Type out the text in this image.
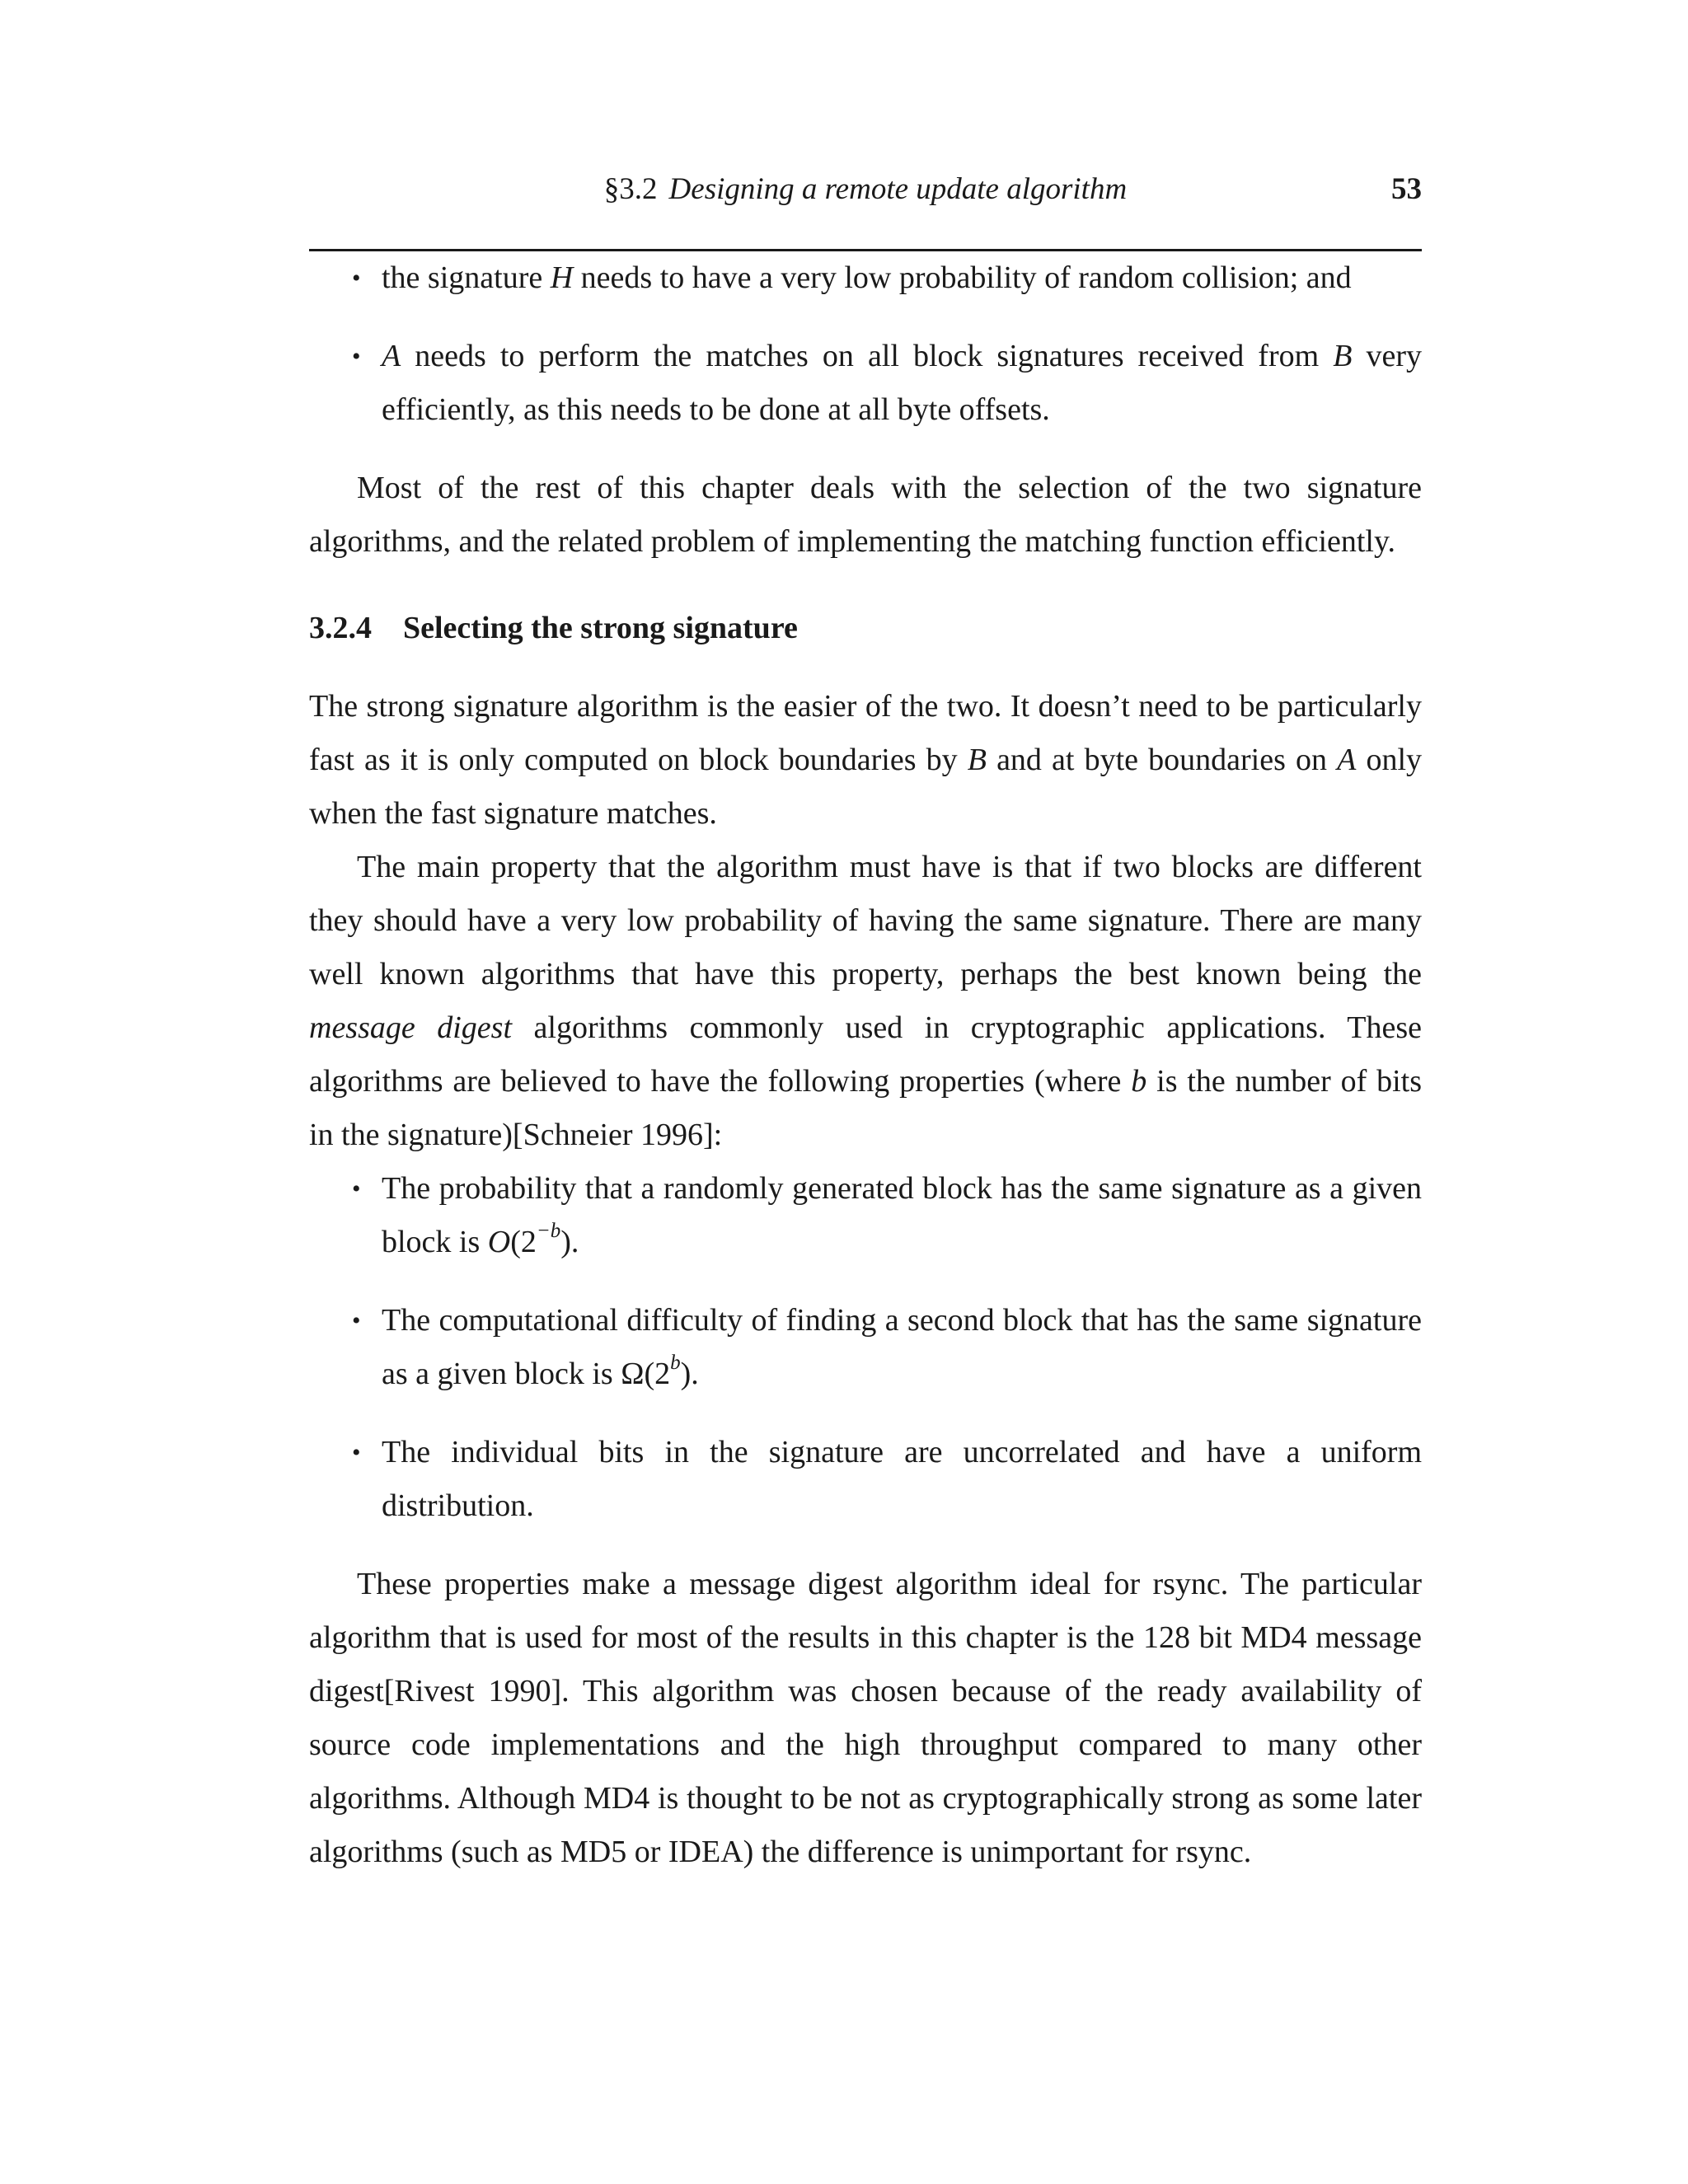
§3.2 Designing a remote update algorithm	53
• the signature H needs to have a very low probability of random collision; and
• A needs to perform the matches on all block signatures received from B very efficiently, as this needs to be done at all byte offsets.

Most of the rest of this chapter deals with the selection of the two signature algorithms, and the related problem of implementing the matching function efficiently.

3.2.4 Selecting the strong signature

The strong signature algorithm is the easier of the two. It doesn’t need to be particularly fast as it is only computed on block boundaries by B and at byte boundaries on A only when the fast signature matches.

The main property that the algorithm must have is that if two blocks are different they should have a very low probability of having the same signature. There are many well known algorithms that have this property, perhaps the best known being the message digest algorithms commonly used in cryptographic applications. These algorithms are believed to have the following properties (where b is the number of bits in the signature)[Schneier 1996]:

• The probability that a randomly generated block has the same signature as a given block is $O(2^{-b})$.
• The computational difficulty of finding a second block that has the same signature as a given block is Ω(2$^b$).
• The individual bits in the signature are uncorrelated and have a uniform distribution.

These properties make a message digest algorithm ideal for rsync. The particular algorithm that is used for most of the results in this chapter is the 128 bit MD4 message digest[Rivest 1990]. This algorithm was chosen because of the ready availability of source code implementations and the high throughput compared to many other algorithms. Although MD4 is thought to be not as cryptographically strong as some later algorithms (such as MD5 or IDEA) the difference is unimportant for rsync.
